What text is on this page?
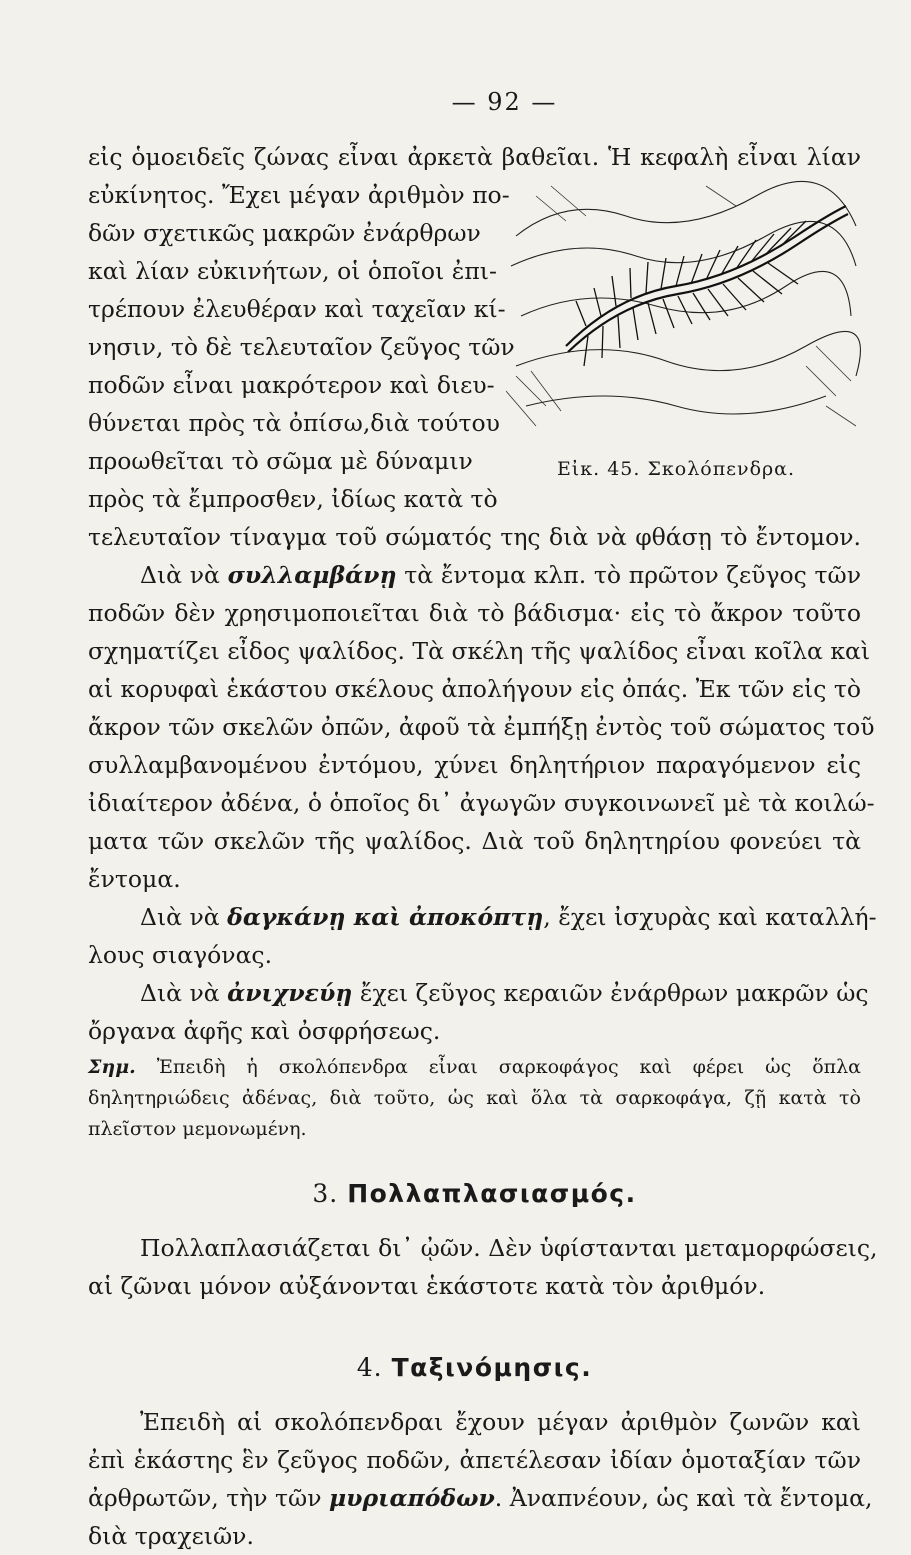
— 92 —
εἰς ὁμοειδεῖς ζώνας εἶναι ἀρκετὰ βαθεῖαι. Ἡ κεφαλὴ εἶναι λίαν
Εἰκ. 45. Σκολόπενδρα.
εὐκίνητος. Ἔχει μέγαν ἀριθμὸν πο-
δῶν σχετικῶς μακρῶν ἐνάρθρων
καὶ λίαν εὐκινήτων, οἱ ὁποῖοι ἐπι-
τρέπουν ἐλευθέραν καὶ ταχεῖαν κί-
νησιν, τὸ δὲ τελευταῖον ζεῦγος τῶν
ποδῶν εἶναι μακρότερον καὶ διευ-
θύνεται πρὸς τὰ ὀπίσω,διὰ τούτου
προωθεῖται τὸ σῶμα μὲ δύναμιν
πρὸς τὰ ἔμπροσθεν, ἰδίως κατὰ τὸ
τελευταῖον τίναγμα τοῦ σώματός της διὰ νὰ φθάσῃ τὸ ἔντομον.
Διὰ νὰ συλλαμβάνῃ τὰ ἔντομα κλπ. τὸ πρῶτον ζεῦγος τῶν
ποδῶν δὲν χρησιμοποιεῖται διὰ τὸ βάδισμα· εἰς τὸ ἄκρον τοῦτο
σχηματίζει εἶδος ψαλίδος. Τὰ σκέλη τῆς ψαλίδος εἶναι κοῖλα καὶ
αἱ κορυφαὶ ἑκάστου σκέλους ἀπολήγουν εἰς ὀπάς. Ἐκ τῶν εἰς τὸ
ἄκρον τῶν σκελῶν ὀπῶν, ἀφοῦ τὰ ἐμπήξῃ ἐντὸς τοῦ σώματος τοῦ
συλλαμβανομένου ἐντόμου, χύνει δηλητήριον παραγόμενον εἰς
ἰδιαίτερον ἀδένα, ὁ ὁποῖος δι᾽ ἀγωγῶν συγκοινωνεῖ μὲ τὰ κοιλώ-
ματα τῶν σκελῶν τῆς ψαλίδος. Διὰ τοῦ δηλητηρίου φονεύει τὰ
ἔντομα.
Διὰ νὰ δαγκάνῃ καὶ ἀποκόπτῃ, ἔχει ἰσχυρὰς καὶ καταλλή-
λους σιαγόνας.
Διὰ νὰ ἀνιχνεύῃ ἔχει ζεῦγος κεραιῶν ἐνάρθρων μακρῶν ὡς
ὄργανα ἁφῆς καὶ ὀσφρήσεως.
Σημ. Ἐπειδὴ ἡ σκολόπενδρα εἶναι σαρκοφάγος καὶ φέρει ὡς ὅπλα
δηλητηριώδεις ἀδένας, διὰ τοῦτο, ὡς καὶ ὅλα τὰ σαρκοφάγα, ζῇ κατὰ τὸ
πλεῖστον μεμονωμένη.
3. Πολλαπλασιασμός.
Πολλαπλασιάζεται δι᾽ ᾠῶν. Δὲν ὑφίστανται μεταμορφώσεις,
αἱ ζῶναι μόνον αὐξάνονται ἑκάστοτε κατὰ τὸν ἀριθμόν.
4. Ταξινόμησις.
Ἐπειδὴ αἱ σκολόπενδραι ἔχουν μέγαν ἀριθμὸν ζωνῶν καὶ
ἐπὶ ἑκάστης ἓν ζεῦγος ποδῶν, ἀπετέλεσαν ἰδίαν ὁμοταξίαν τῶν
ἀρθρωτῶν, τὴν τῶν μυριαπόδων. Ἀναπνέουν, ὡς καὶ τὰ ἔντομα,
διὰ τραχειῶν.
